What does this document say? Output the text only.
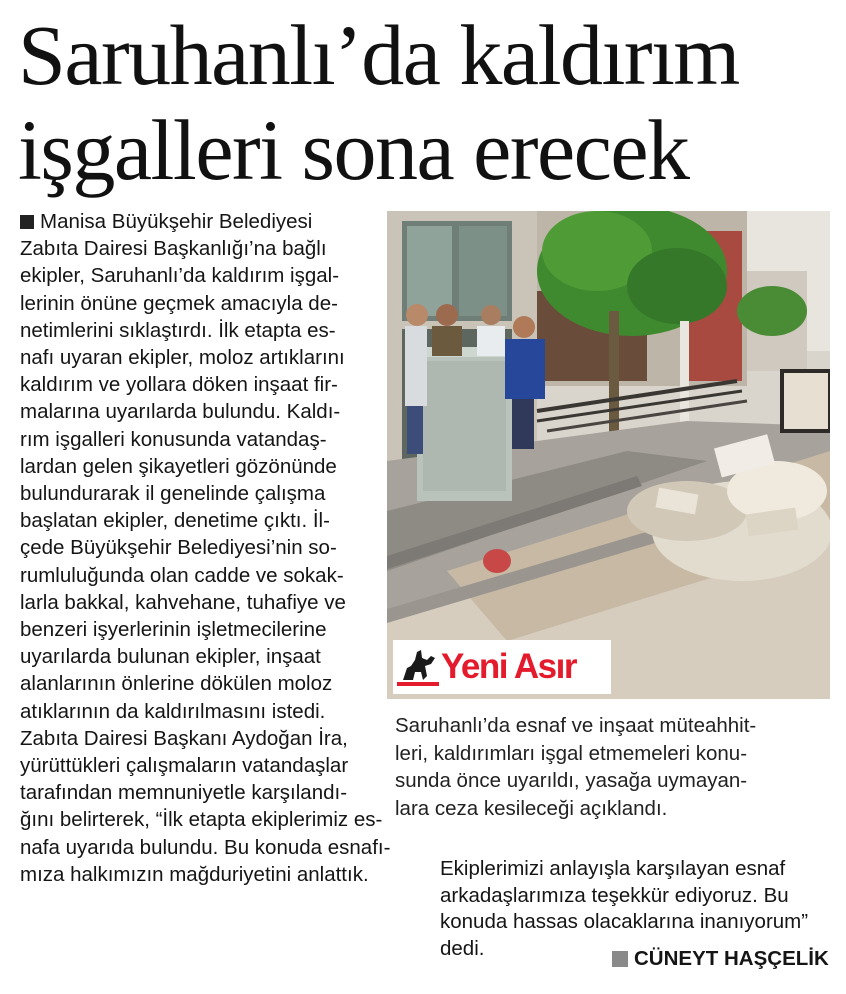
Saruhanlı’da kaldırım
işgalleri sona erecek
Manisa Büyükşehir Belediyesi
Zabıta Dairesi Başkanlığı’na bağlı
ekipler, Saruhanlı’da kaldırım işgal-
lerinin önüne geçmek amacıyla de-
netimlerini sıklaştırdı. İlk etapta es-
nafı uyaran ekipler, moloz artıklarını
kaldırım ve yollara döken inşaat fir-
malarına uyarılarda bulundu. Kaldı-
rım işgalleri konusunda vatandaş-
lardan gelen şikayetleri gözönünde
bulundurarak il genelinde çalışma
başlatan ekipler, denetime çıktı. İl-
çede Büyükşehir Belediyesi’nin so-
rumluluğunda olan cadde ve sokak-
larla bakkal, kahvehane, tuhafiye ve
benzeri işyerlerinin işletmecilerine
uyarılarda bulunan ekipler, inşaat
alanlarının önlerine dökülen moloz
atıklarının da kaldırılmasını istedi.
Zabıta Dairesi Başkanı Aydoğan İra,
yürüttükleri çalışmaların vatandaşlar
tarafından memnuniyetle karşılandı-
ğını belirterek, “İlk etapta ekiplerimiz es-
nafa uyarıda bulundu. Bu konuda esnafı-
mıza halkımızın mağduriyetini anlattık.
Yeni Asır
Saruhanlı’da esnaf ve inşaat müteahhit-
leri, kaldırımları işgal etmemeleri konu-
sunda önce uyarıldı, yasağa uymayan-
lara ceza kesileceği açıklandı.
Ekiplerimizi anlayışla karşılayan esnaf
arkadaşlarımıza teşekkür ediyoruz. Bu
konuda hassas olacaklarına inanıyorum”
dedi.	CÜNEYT HAŞÇELİK
